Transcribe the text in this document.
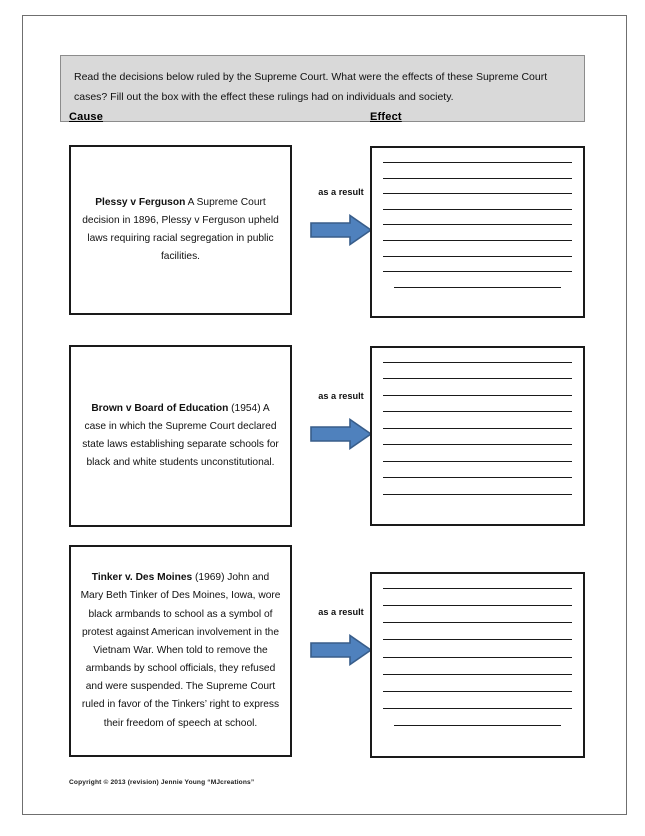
Read the decisions below ruled by the Supreme Court. What were the effects of these Supreme Court cases? Fill out the box with the effect these rulings had on individuals and society.
Cause	Effect
Plessy v Ferguson A Supreme Court decision in 1896, Plessy v Ferguson upheld laws requiring racial segregation in public facilities.
as a result
Brown v Board of Education (1954) A case in which the Supreme Court declared state laws establishing separate schools for black and white students unconstitutional.
as a result
Tinker v. Des Moines (1969) John and Mary Beth Tinker of Des Moines, Iowa, wore black armbands to school as a symbol of protest against American involvement in the Vietnam War. When told to remove the armbands by school officials, they refused and were suspended. The Supreme Court ruled in favor of the Tinkers’ right to express their freedom of speech at school.
as a result
Copyright © 2013 (revision) Jennie Young “MJcreations”
